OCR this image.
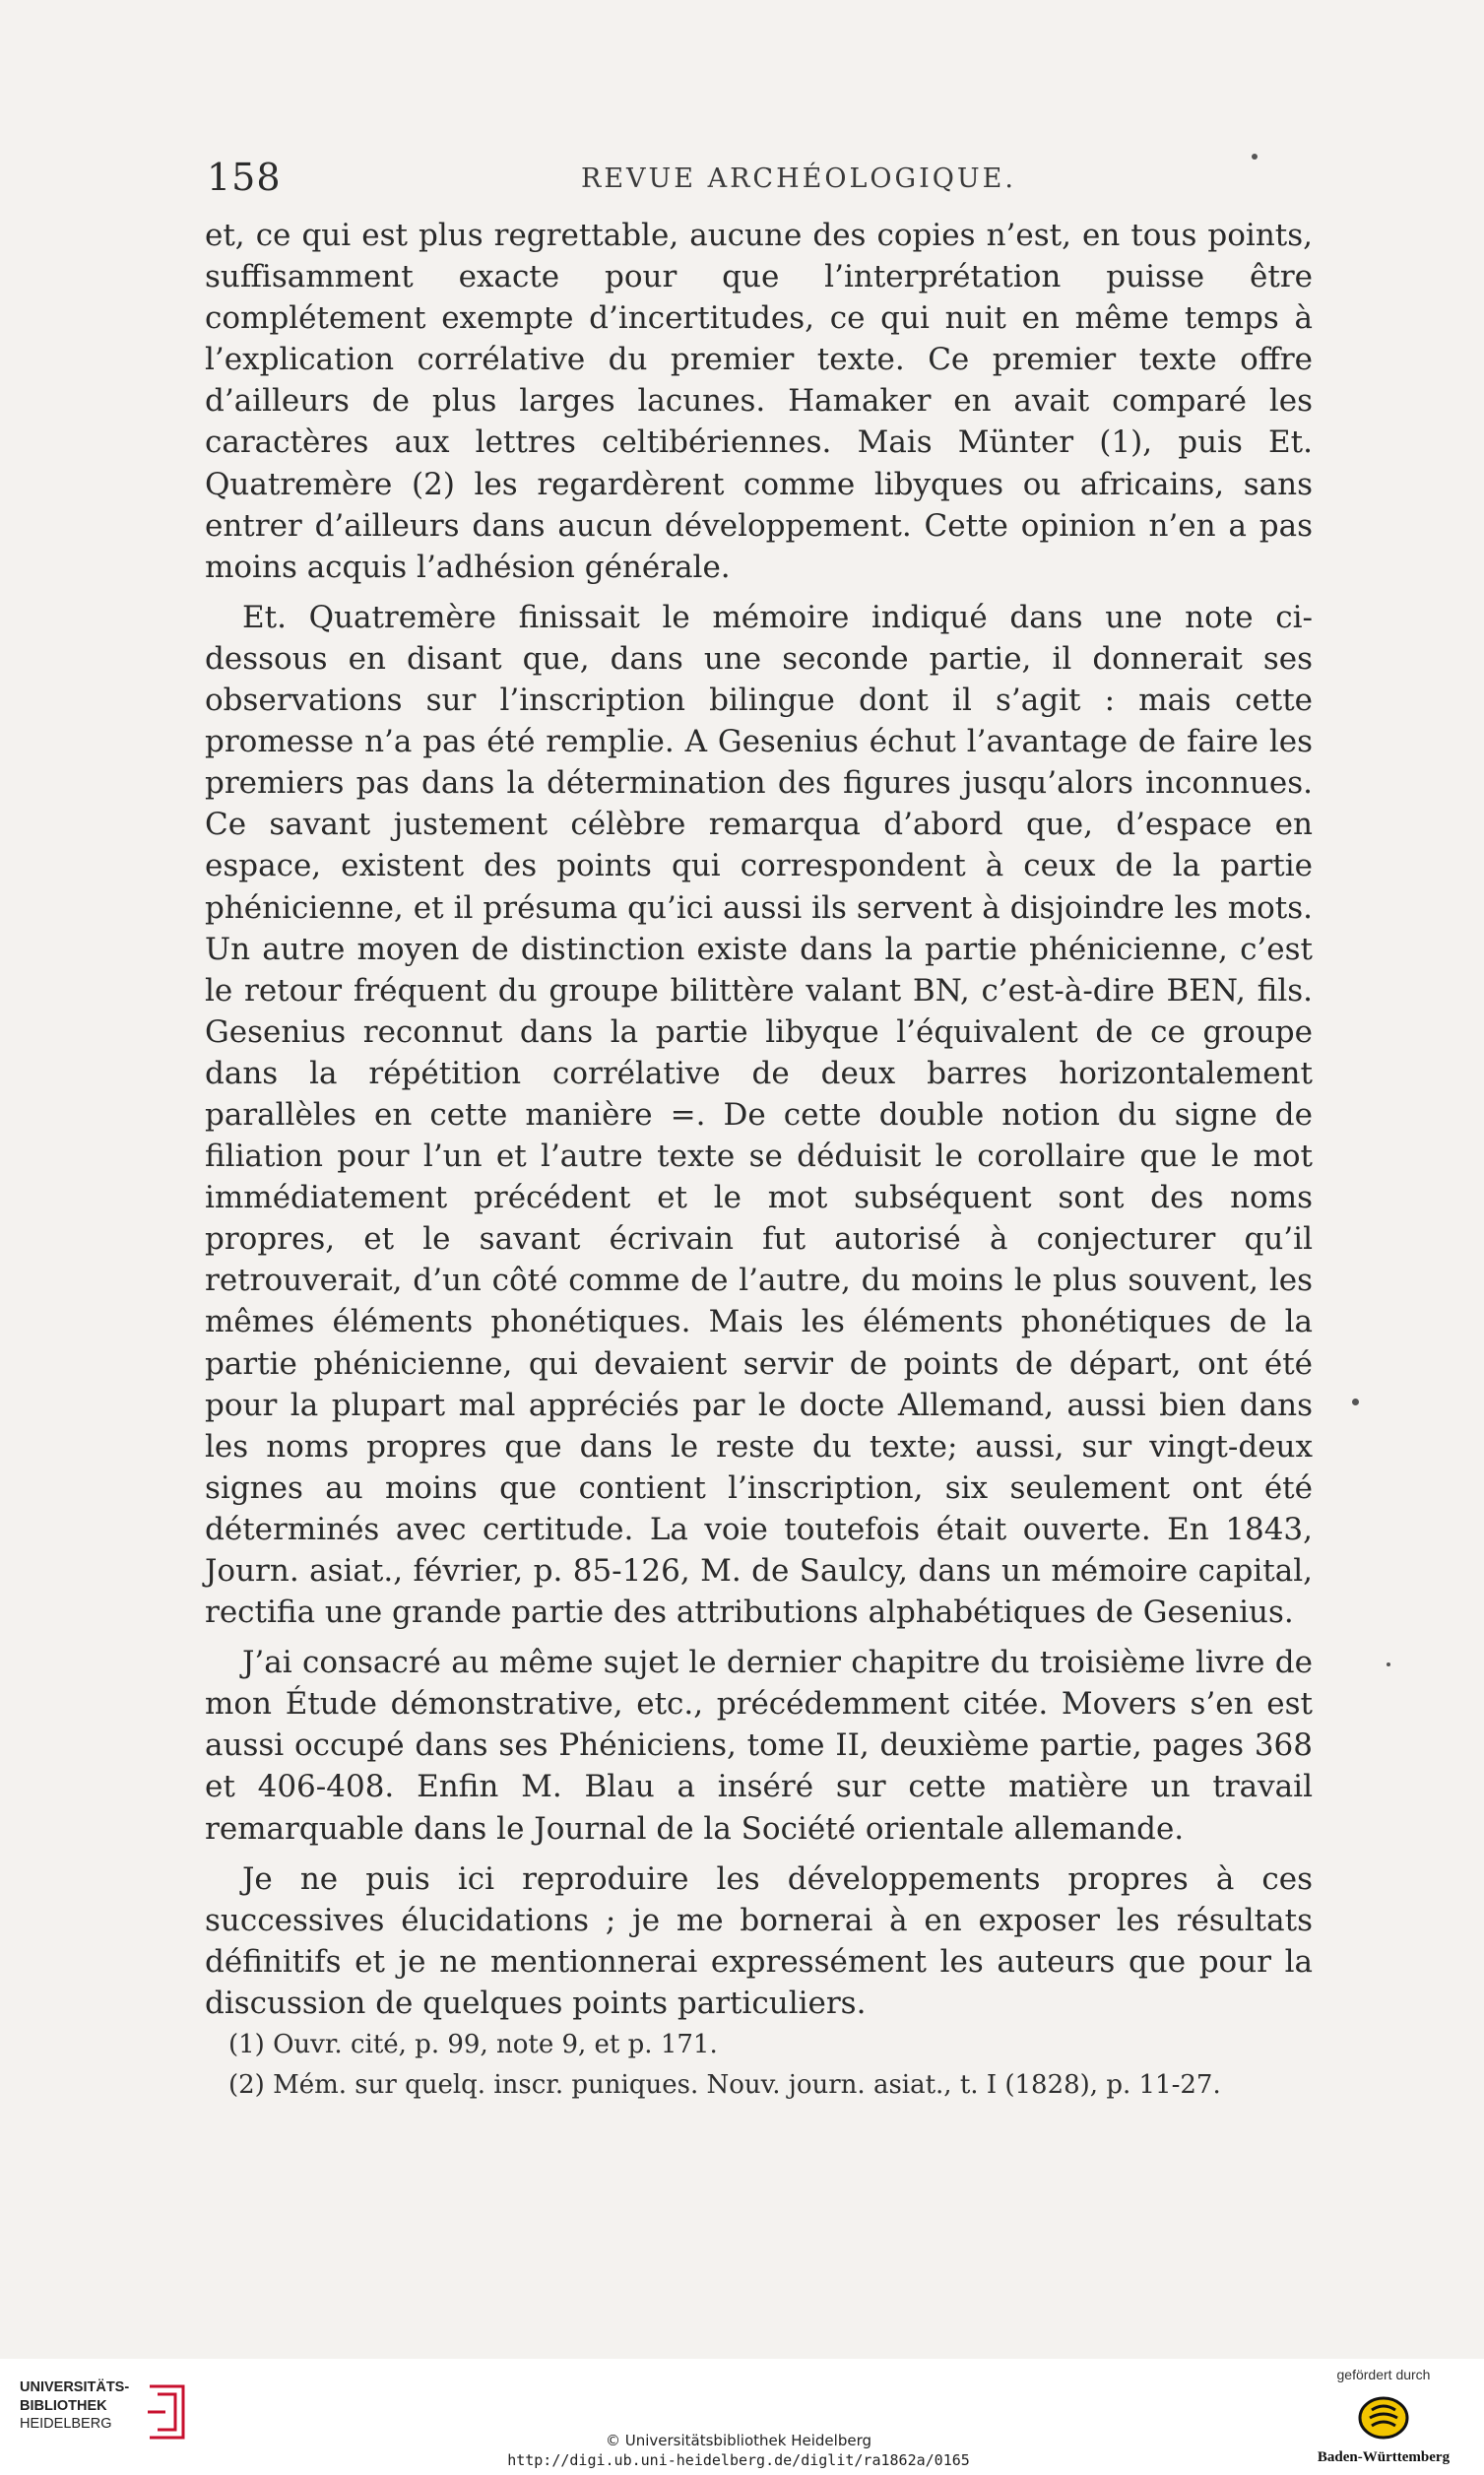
158	REVUE ARCHÉOLOGIQUE.

et, ce qui est plus regrettable, aucune des copies n’est, en tous points, suffisamment exacte pour que l’interprétation puisse être complétement exempte d’incertitudes, ce qui nuit en même temps à l’explication corrélative du premier texte. Ce premier texte offre d’ailleurs de plus larges lacunes. Hamaker en avait comparé les caractères aux lettres celtibériennes. Mais Münter (1), puis Et. Quatremère (2) les regardèrent comme libyques ou africains, sans entrer d’ailleurs dans aucun développement. Cette opinion n’en a pas moins acquis l’adhésion générale.

Et. Quatremère finissait le mémoire indiqué dans une note ci-dessous en disant que, dans une seconde partie, il donnerait ses observations sur l’inscription bilingue dont il s’agit : mais cette promesse n’a pas été remplie. A Gesenius échut l’avantage de faire les premiers pas dans la détermination des figures jusqu’alors inconnues. Ce savant justement célèbre remarqua d’abord que, d’espace en espace, existent des points qui correspondent à ceux de la partie phénicienne, et il présuma qu’ici aussi ils servent à disjoindre les mots. Un autre moyen de distinction existe dans la partie phénicienne, c’est le retour fréquent du groupe bilittère valant BN, c’est-à-dire BEN, fils. Gesenius reconnut dans la partie libyque l’équivalent de ce groupe dans la répétition corrélative de deux barres horizontalement parallèles en cette manière =. De cette double notion du signe de filiation pour l’un et l’autre texte se déduisit le corollaire que le mot immédiatement précédent et le mot subséquent sont des noms propres, et le savant écrivain fut autorisé à conjecturer qu’il retrouverait, d’un côté comme de l’autre, du moins le plus souvent, les mêmes éléments phonétiques. Mais les éléments phonétiques de la partie phénicienne, qui devaient servir de points de départ, ont été pour la plupart mal appréciés par le docte Allemand, aussi bien dans les noms propres que dans le reste du texte; aussi, sur vingt-deux signes au moins que contient l’inscription, six seulement ont été déterminés avec certitude. La voie toutefois était ouverte. En 1843, Journ. asiat., février, p. 85-126, M. de Saulcy, dans un mémoire capital, rectifia une grande partie des attributions alphabétiques de Gesenius.

J’ai consacré au même sujet le dernier chapitre du troisième livre de mon Étude démonstrative, etc., précédemment citée. Movers s’en est aussi occupé dans ses Phéniciens, tome II, deuxième partie, pages 368 et 406-408. Enfin M. Blau a inséré sur cette matière un travail remarquable dans le Journal de la Société orientale allemande.

Je ne puis ici reproduire les développements propres à ces successives élucidations ; je me bornerai à en exposer les résultats définitifs et je ne mentionnerai expressément les auteurs que pour la discussion de quelques points particuliers.

(1) Ouvr. cité, p. 99, note 9, et p. 171.
(2) Mém. sur quelq. inscr. puniques. Nouv. journ. asiat., t. I (1828), p. 11-27.
UNIVERSITÄTS-
BIBLIOTHEK
HEIDELBERG
© Universitätsbibliothek Heidelberg
http://digi.ub.uni-heidelberg.de/diglit/ra1862a/0165
gefördert durch
Baden-Württemberg
